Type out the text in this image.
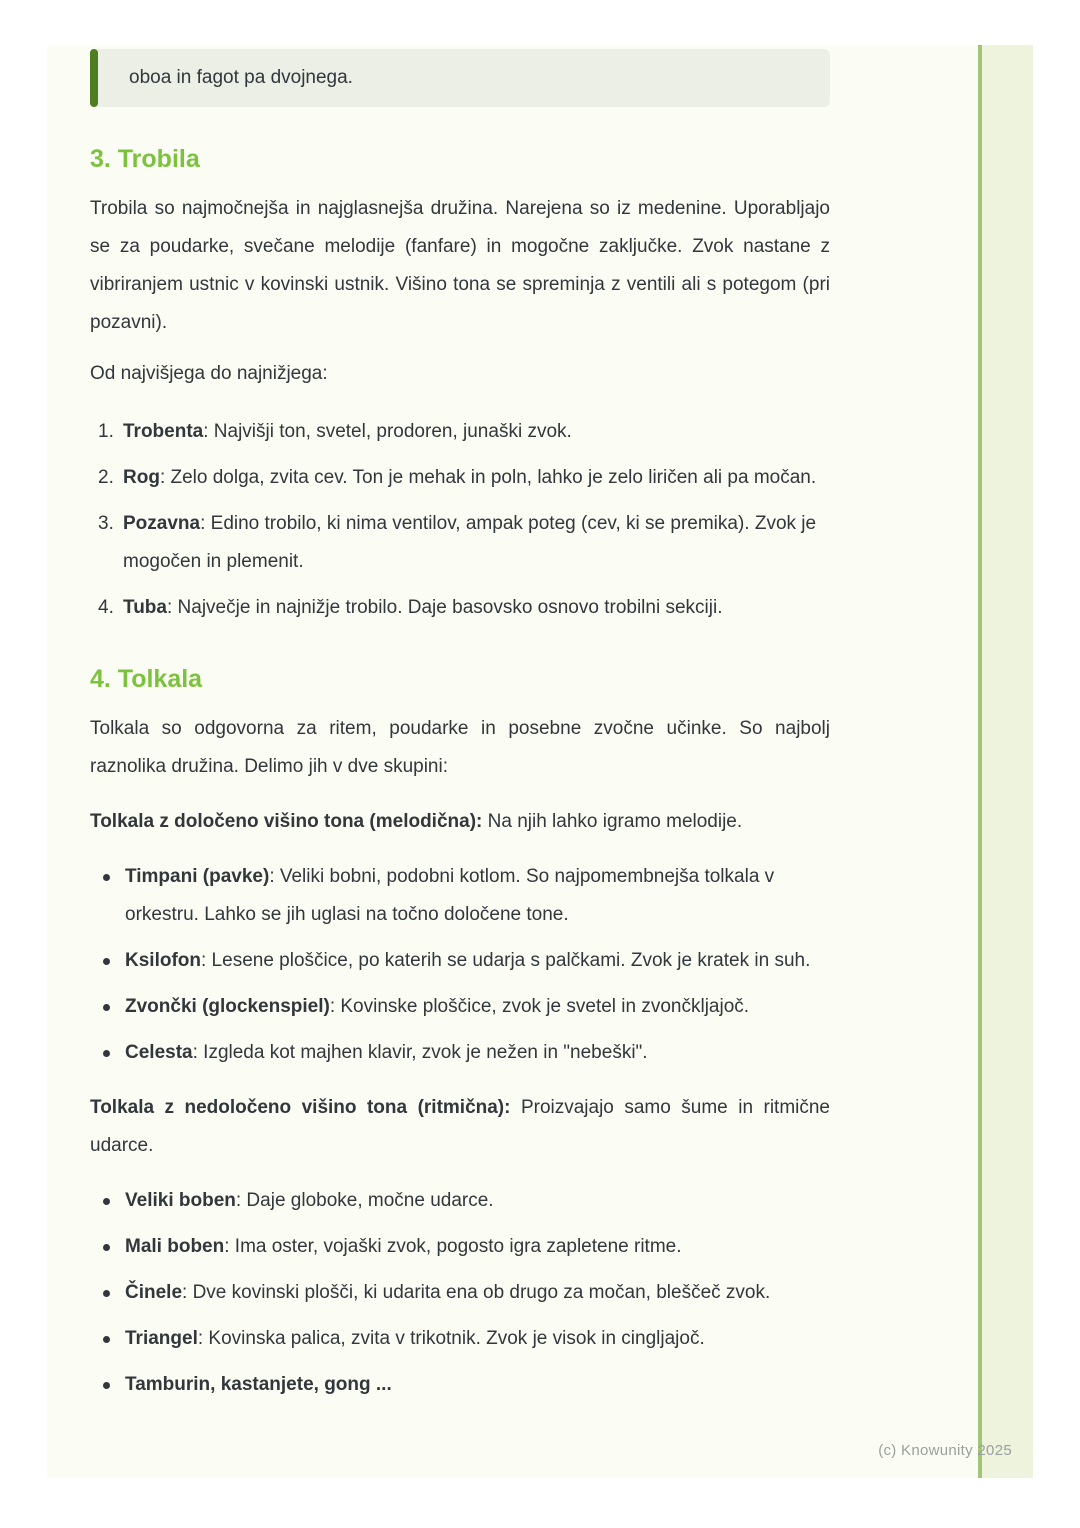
oboa in fagot pa dvojnega.
3. Trobila

Trobila so najmočnejša in najglasnejša družina. Narejena so iz medenine. Uporabljajo se za poudarke, svečane melodije (fanfare) in mogočne zaključke. Zvok nastane z vibriranjem ustnic v kovinski ustnik. Višino tona se spreminja z ventili ali s potegom (pri pozavni).

Od najvišjega do najnižjega:

1. Trobenta: Najvišji ton, svetel, prodoren, junaški zvok.
2. Rog: Zelo dolga, zvita cev. Ton je mehak in poln, lahko je zelo liričen ali pa močan.
3. Pozavna: Edino trobilo, ki nima ventilov, ampak poteg (cev, ki se premika). Zvok je mogočen in plemenit.
4. Tuba: Največje in najnižje trobilo. Daje basovsko osnovo trobilni sekciji.
4. Tolkala

Tolkala so odgovorna za ritem, poudarke in posebne zvočne učinke. So najbolj raznolika družina. Delimo jih v dve skupini:

Tolkala z določeno višino tona (melodična): Na njih lahko igramo melodije.

Timpani (pavke): Veliki bobni, podobni kotlom. So najpomembnejša tolkala v orkestru. Lahko se jih uglasi na točno določene tone.
Ksilofon: Lesene ploščice, po katerih se udarja s palčkami. Zvok je kratek in suh.
Zvončki (glockenspiel): Kovinske ploščice, zvok je svetel in zvončkljajoč.
Celesta: Izgleda kot majhen klavir, zvok je nežen in "nebeški".

Tolkala z nedoločeno višino tona (ritmična): Proizvajajo samo šume in ritmične udarce.

Veliki boben: Daje globoke, močne udarce.
Mali boben: Ima oster, vojaški zvok, pogosto igra zapletene ritme.
Činele: Dve kovinski plošči, ki udarita ena ob drugo za močan, bleščeč zvok.
Triangel: Kovinska palica, zvita v trikotnik. Zvok je visok in cingljajoč.
Tamburin, kastanjete, gong ...
(c) Knowunity 2025
